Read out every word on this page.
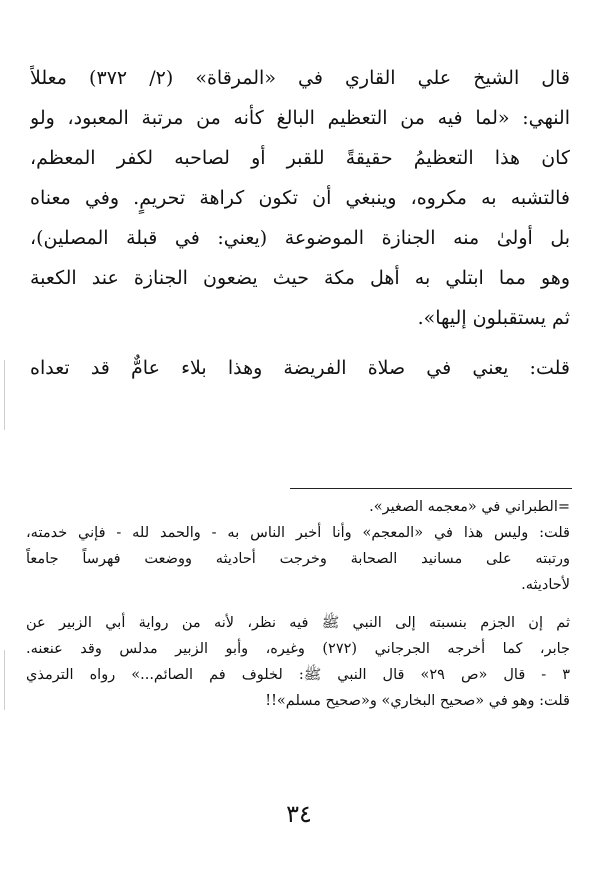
قال الشيخ علي القاري في «المرقاة» (٢/ ٣٧٢) معللاً
النهي: «لما فيه من التعظيم البالغ كأنه من مرتبة المعبود، ولو
كان هذا التعظيمُ حقيقةً للقبر أو لصاحبه لكفر المعظم،
فالتشبه به مكروه، وينبغي أن تكون كراهة تحريمٍ. وفي معناه
بل أولىٰ منه الجنازة الموضوعة (يعني: في قبلة المصلين)،
وهو مما ابتلي به أهل مكة حيث يضعون الجنازة عند الكعبة
ثم يستقبلون إليها».
قلت: يعني في صلاة الفريضة وهذا بلاء عامٌّ قد تعداه
=الطبراني في «معجمه الصغير».
قلت: وليس هذا في «المعجم» وأنا أخبر الناس به - والحمد لله - فإني خدمته،
ورتبته على مسانيد الصحابة وخرجت أحاديثه ووضعت فهرساً جامعاً
لأحاديثه.
ثم إن الجزم بنسبته إلى النبي ﷺ فيه نظر، لأنه من رواية أبي الزبير عن
جابر، كما أخرجه الجرجاني (٢٧٢) وغيره، وأبو الزبير مدلس وقد عنعنه.
٣ - قال «ص ٢٩» قال النبي ﷺ: لخلوف فم الصائم...» رواه الترمذي
قلت: وهو في «صحيح البخاري» و«صحيح مسلم»!!
٣٤
